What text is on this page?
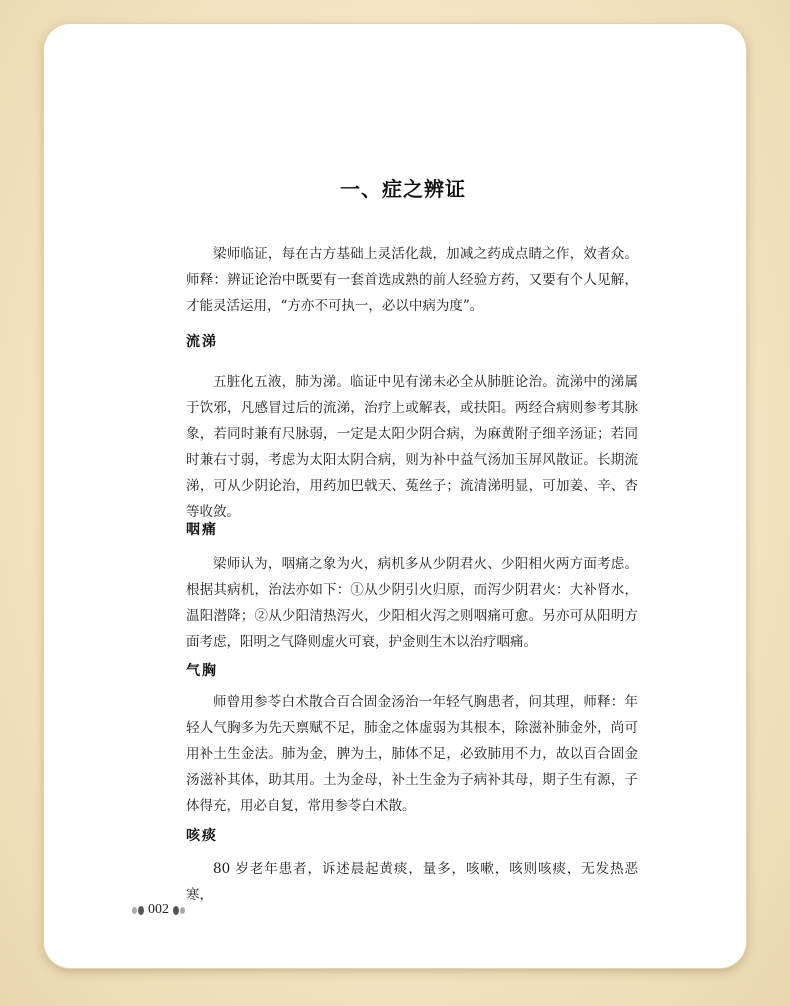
一、症之辨证

梁师临证，每在古方基础上灵活化裁，加减之药成点睛之作，效者众。师释：辨证论治中既要有一套首选成熟的前人经验方药，又要有个人见解，才能灵活运用，“方亦不可执一，必以中病为度”。

流涕

五脏化五液，肺为涕。临证中见有涕未必全从肺脏论治。流涕中的涕属于饮邪，凡感冒过后的流涕，治疗上或解表，或扶阳。两经合病则参考其脉象，若同时兼有尺脉弱，一定是太阳少阴合病，为麻黄附子细辛汤证；若同时兼右寸弱，考虑为太阳太阴合病，则为补中益气汤加玉屏风散证。长期流涕，可从少阴论治，用药加巴戟天、菟丝子；流清涕明显，可加姜、辛、杏等收敛。

咽痛

梁师认为，咽痛之象为火，病机多从少阴君火、少阳相火两方面考虑。根据其病机，治法亦如下：①从少阴引火归原，而泻少阴君火：大补肾水，温阳潜降；②从少阳清热泻火，少阳相火泻之则咽痛可愈。另亦可从阳明方面考虑，阳明之气降则虚火可衰，护金则生木以治疗咽痛。

气胸

师曾用参苓白术散合百合固金汤治一年轻气胸患者，问其理，师释：年轻人气胸多为先天禀赋不足，肺金之体虚弱为其根本，除滋补肺金外，尚可用补土生金法。肺为金，脾为土，肺体不足，必致肺用不力，故以百合固金汤滋补其体，助其用。土为金母，补土生金为子病补其母，期子生有源，子体得充，用必自复，常用参苓白术散。

咳痰

80 岁老年患者，诉述晨起黄痰，量多，咳嗽，咳则咳痰，无发热恶寒，

002
